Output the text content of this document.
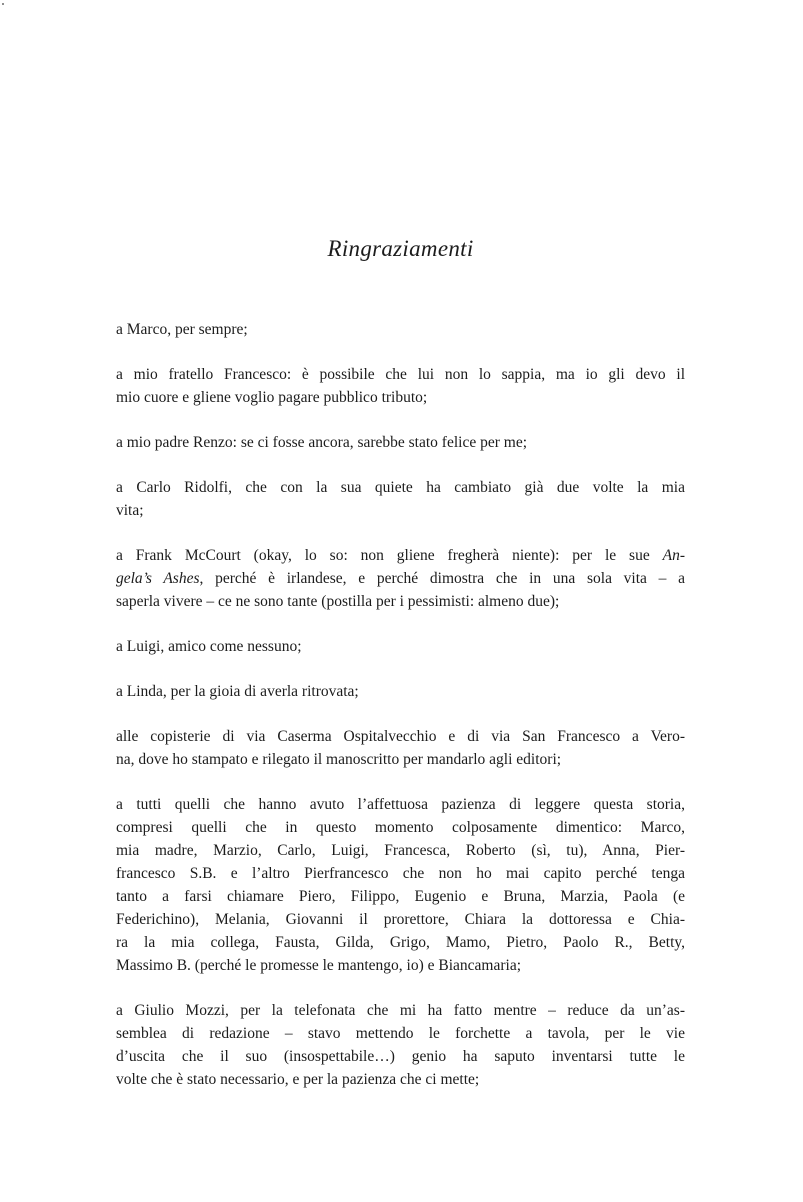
Ringraziamenti
a Marco, per sempre;
a mio fratello Francesco: è possibile che lui non lo sappia, ma io gli devo il
mio cuore e gliene voglio pagare pubblico tributo;
a mio padre Renzo: se ci fosse ancora, sarebbe stato felice per me;
a Carlo Ridolfi, che con la sua quiete ha cambiato già due volte la mia
vita;
a Frank McCourt (okay, lo so: non gliene fregherà niente): per le sue An-
gela’s Ashes, perché è irlandese, e perché dimostra che in una sola vita – a
saperla vivere – ce ne sono tante (postilla per i pessimisti: almeno due);
a Luigi, amico come nessuno;
a Linda, per la gioia di averla ritrovata;
alle copisterie di via Caserma Ospitalvecchio e di via San Francesco a Vero-
na, dove ho stampato e rilegato il manoscritto per mandarlo agli editori;
a tutti quelli che hanno avuto l’affettuosa pazienza di leggere questa storia,
compresi quelli che in questo momento colposamente dimentico: Marco,
mia madre, Marzio, Carlo, Luigi, Francesca, Roberto (sì, tu), Anna, Pier-
francesco S.B. e l’altro Pierfrancesco che non ho mai capito perché tenga
tanto a farsi chiamare Piero, Filippo, Eugenio e Bruna, Marzia, Paola (e
Federichino), Melania, Giovanni il prorettore, Chiara la dottoressa e Chia-
ra la mia collega, Fausta, Gilda, Grigo, Mamo, Pietro, Paolo R., Betty,
Massimo B. (perché le promesse le mantengo, io) e Biancamaria;
a Giulio Mozzi, per la telefonata che mi ha fatto mentre – reduce da un’as-
semblea di redazione – stavo mettendo le forchette a tavola, per le vie
d’uscita che il suo (insospettabile…) genio ha saputo inventarsi tutte le
volte che è stato necessario, e per la pazienza che ci mette;
